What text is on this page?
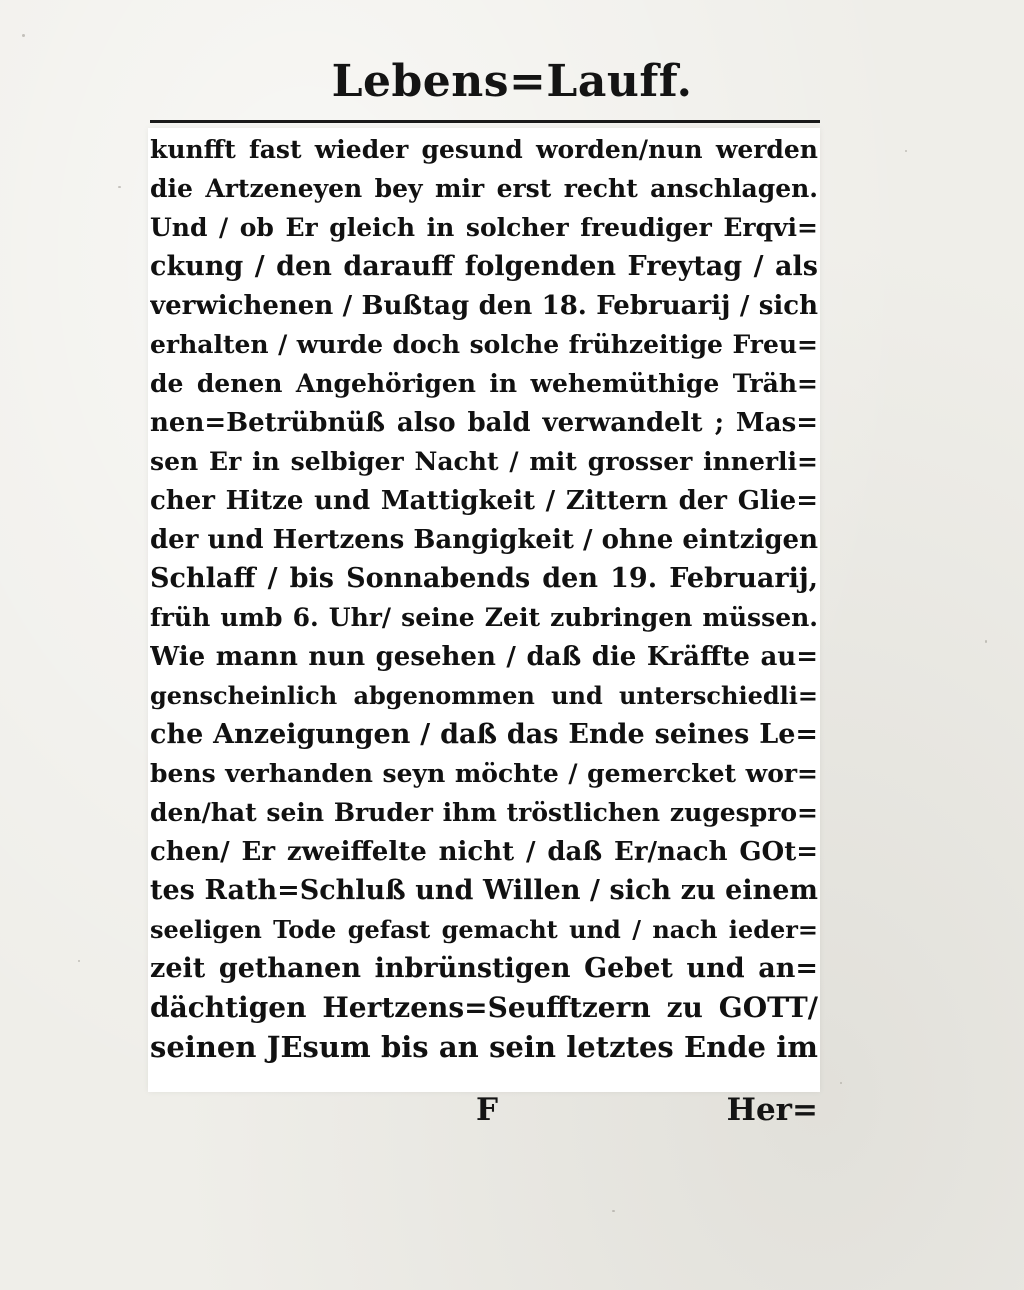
Lebens=Lauff.
kunfft fast wieder gesund worden/nun werden
die Artzeneyen bey mir erst recht anschlagen.
Und / ob Er gleich in solcher freudiger Erqvi=
ckung / den darauff folgenden Freytag / als
verwichenen / Bußtag den 18. Februarij / sich
erhalten / wurde doch solche frühzeitige Freu=
de denen Angehörigen in wehemüthige Träh=
nen=Betrübnüß also bald verwandelt ; Mas=
sen Er in selbiger Nacht / mit grosser innerli=
cher Hitze und Mattigkeit / Zittern der Glie=
der und Hertzens Bangigkeit / ohne eintzigen
Schlaff / bis Sonnabends den 19. Februarij,
früh umb 6. Uhr/ seine Zeit zubringen müssen.
Wie mann nun gesehen / daß die Kräffte au=
genscheinlich abgenommen und unterschiedli=
che Anzeigungen / daß das Ende seines Le=
bens verhanden seyn möchte / gemercket wor=
den/hat sein Bruder ihm tröstlichen zugespro=
chen/ Er zweiffelte nicht / daß Er/nach GOt=
tes Rath=Schluß und Willen / sich zu einem
seeligen Tode gefast gemacht und / nach ieder=
zeit gethanen inbrünstigen Gebet und an=
dächtigen Hertzens=Seufftzern zu GOTT/
seinen JEsum bis an sein letztes Ende im
F	Her=
